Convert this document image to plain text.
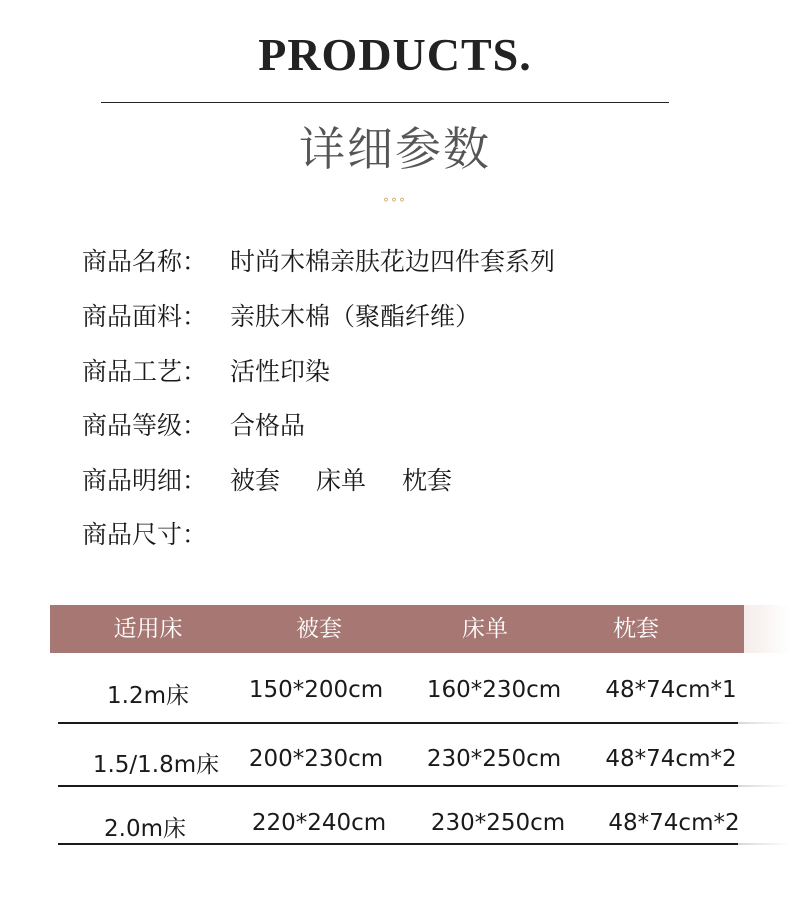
PRODUCTS.
详细参数
°°°
商品名称： 时尚木棉亲肤花边四件套系列
商品面料： 亲肤木棉（聚酯纤维）
商品工艺： 活性印染
商品等级： 合格品
商品明细： 被套 床单 枕套
商品尺寸：
适用床	被套	床单	枕套
1.2m床	150*200cm	160*230cm	48*74cm*1
1.5/1.8m床	200*230cm	230*250cm	48*74cm*2
2.0m床	220*240cm	230*250cm	48*74cm*2
